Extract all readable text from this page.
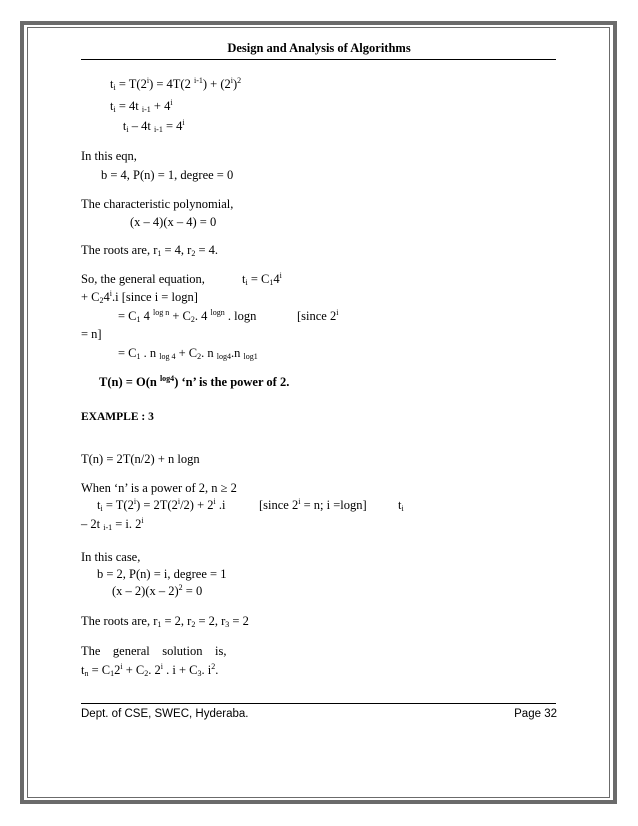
Design and Analysis of Algorithms
$t_i = T(2^i) = 4T(2$ $^{i-1}) + (2^i)^2$
$t_i = 4t$ $_{i-1} + 4^i$
$t_i - 4t$ $_{i-1} = 4^i$
In this eqn,
b = 4, P(n) = 1, degree = 0
The characteristic polynomial,
(x – 4)(x – 4) = 0
The roots are, $r_1 = 4$, $r_2 = 4$.
So, the general equation,	$t_i = C_14^i$
+ $C_24^i.i$ [since i = logn]
= $C_1$ 4 $^{log n} + C_2$. 4 $^{logn}$ . logn	[since $2^i$
= n]
= $C_1$ . n $_{log 4} + C_2$. n $_{log4}$.n $_{log1}$
T(n) = O(n $^{log4}$) ‘n’ is the power of 2.
EXAMPLE : 3
T(n) = 2T(n/2) + n logn
When ‘n’ is a power of 2, n ≥ 2
$t_i = T(2^i) = 2T(2^i/2) + 2^i$ .i	[since $2^i = n$; i =logn]	$t_i$
– 2t $_{i-1}$ = i. 2$^i$
In this case,
b = 2, P(n) = i, degree = 1
(x – 2)(x – 2)$^2$ = 0
The roots are, $r_1 = 2$, $r_2 = 2$, $r_3 = 2$
The    general    solution    is,
$t_n = C_12^i + C_2$. 2$^i$ . $i + C_3$. $i^2$.
Dept. of CSE, SWEC, Hyderaba.	Page 32
